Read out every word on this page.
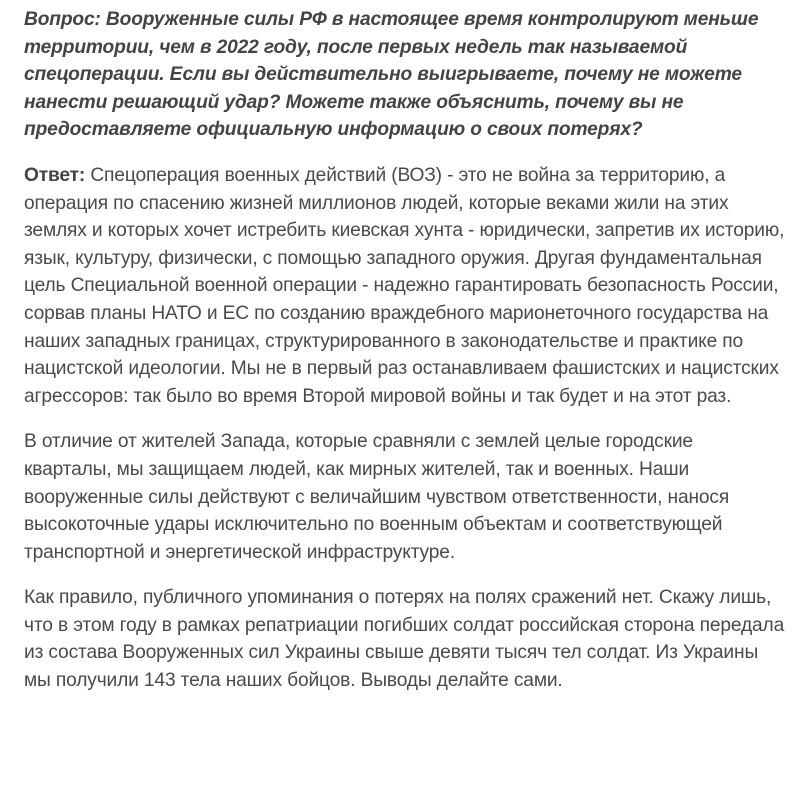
Вопрос: Вооруженные силы РФ в настоящее время контролируют меньше территории, чем в 2022 году, после первых недель так называемой спецоперации. Если вы действительно выигрываете, почему не можете нанести решающий удар? Можете также объяснить, почему вы не предоставляете официальную информацию о своих потерях?

Ответ: Спецоперация военных действий (ВОЗ) - это не война за территорию, а операция по спасению жизней миллионов людей, которые веками жили на этих землях и которых хочет истребить киевская хунта - юридически, запретив их историю, язык, культуру, физически, с помощью западного оружия. Другая фундаментальная цель Специальной военной операции - надежно гарантировать безопасность России, сорвав планы НАТО и ЕС по созданию враждебного марионеточного государства на наших западных границах, структурированного в законодательстве и практике по нацистской идеологии. Мы не в первый раз останавливаем фашистских и нацистских агрессоров: так было во время Второй мировой войны и так будет и на этот раз.

В отличие от жителей Запада, которые сравняли с землей целые городские кварталы, мы защищаем людей, как мирных жителей, так и военных. Наши вооруженные силы действуют с величайшим чувством ответственности, нанося высокоточные удары исключительно по военным объектам и соответствующей транспортной и энергетической инфраструктуре.

Как правило, публичного упоминания о потерях на полях сражений нет. Скажу лишь, что в этом году в рамках репатриации погибших солдат российская сторона передала из состава Вооруженных сил Украины свыше девяти тысяч тел солдат. Из Украины мы получили 143 тела наших бойцов. Выводы делайте сами.
